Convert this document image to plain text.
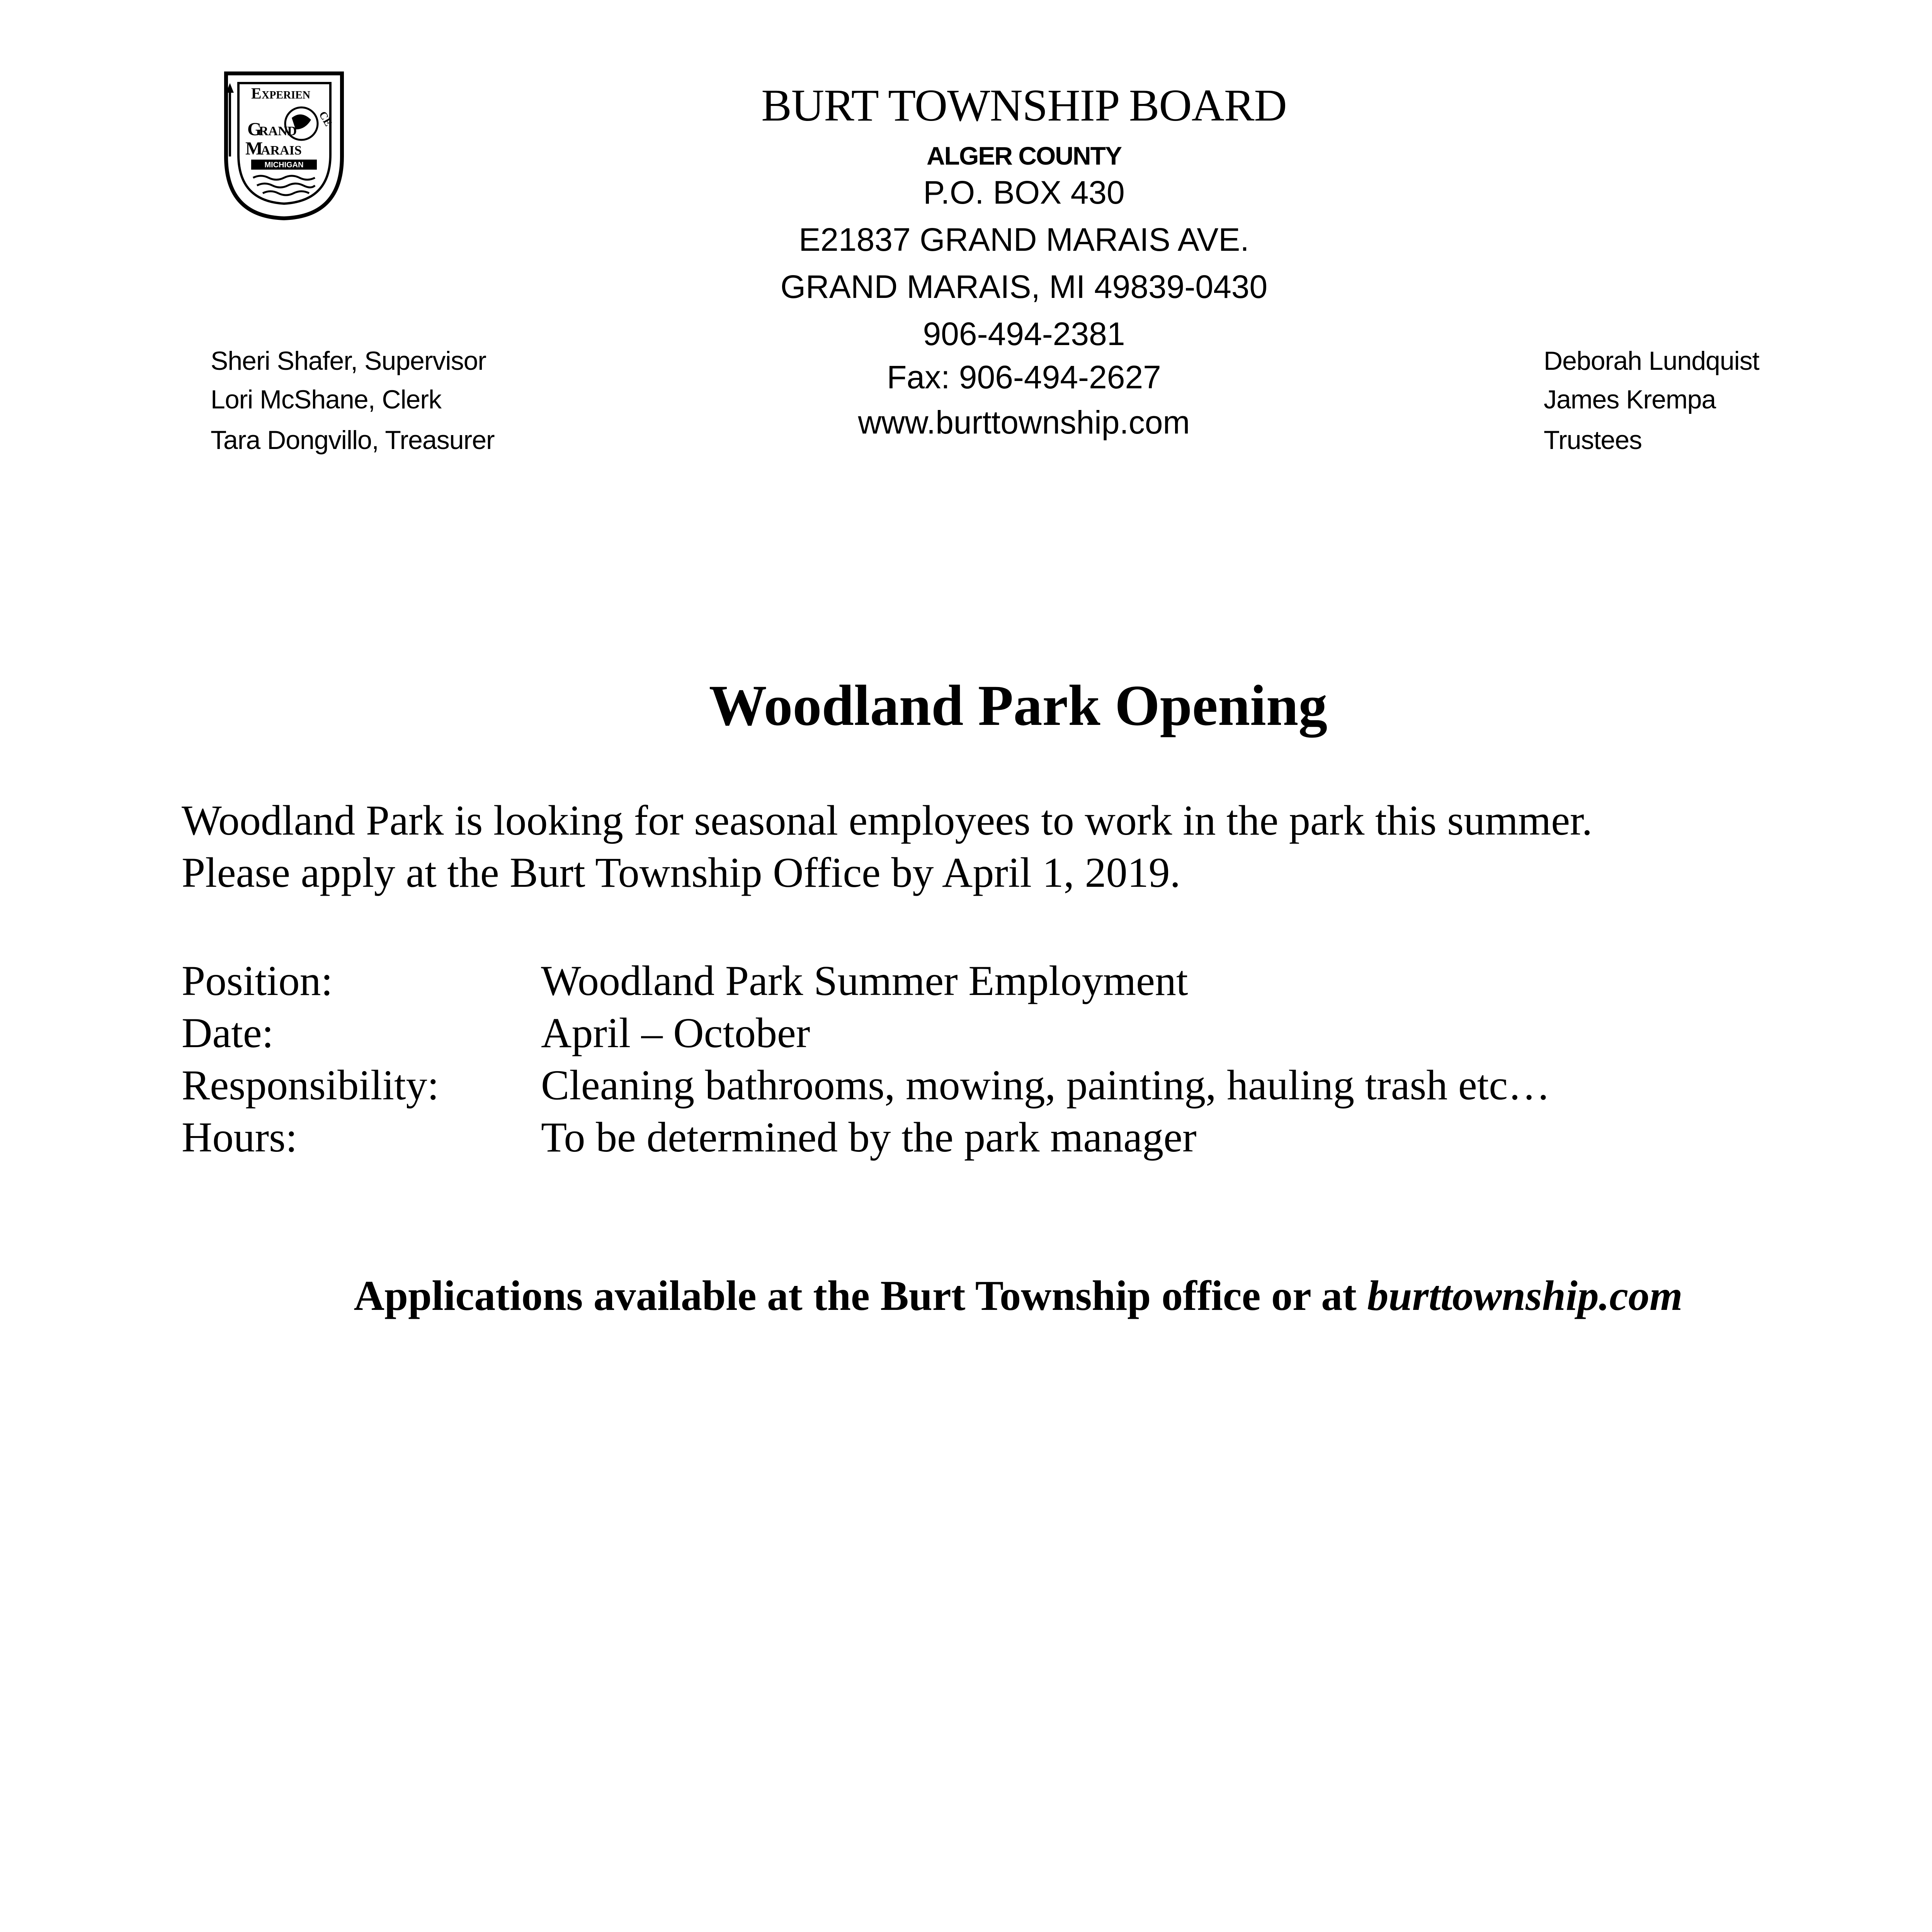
E XPERIEN
CE
G
RAND
M
ARAIS
MICHIGAN
BURT TOWNSHIP BOARD
ALGER COUNTY
P.O. BOX 430
E21837 GRAND MARAIS AVE.
GRAND MARAIS, MI 49839-0430
906-494-2381
Fax: 906-494-2627
www.burttownship.com
Sheri Shafer, Supervisor
Lori McShane, Clerk
Tara Dongvillo, Treasurer
Deborah Lundquist
James Krempa
Trustees
Woodland Park Opening
Woodland Park is looking for seasonal employees to work in the park this summer.
Please apply at the Burt Township Office by April 1, 2019.
Position:	Woodland Park Summer Employment
Date:	April – October
Responsibility: Cleaning bathrooms, mowing, painting, hauling trash etc…
Hours:	To be determined by the park manager
Applications available at the Burt Township office or at burttownship.com
